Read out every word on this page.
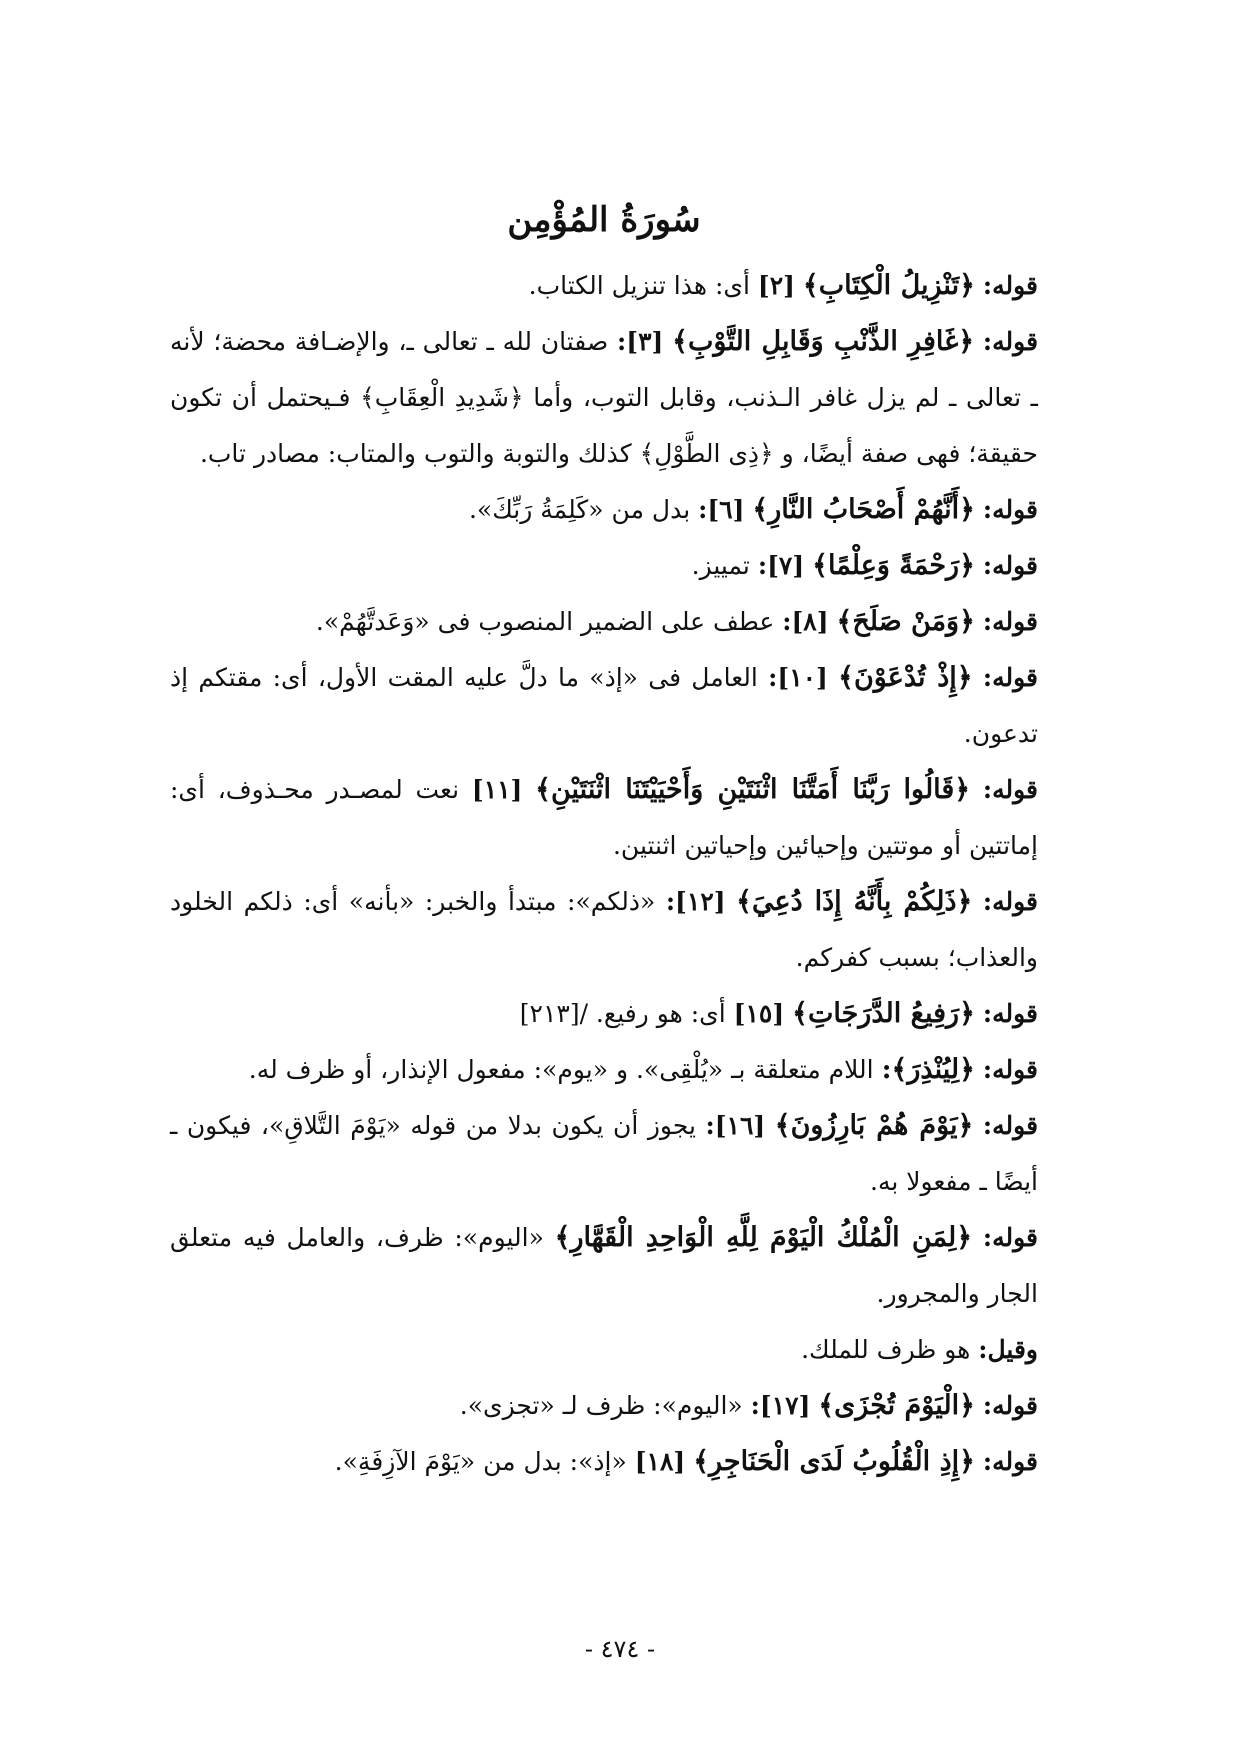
سُورَةُ المُؤْمِن

قوله: ﴿تَنْزِيلُ الْكِتَابِ﴾ [٢] أى: هذا تنزيل الكتاب.

قوله: ﴿غَافِرِ الذَّنْبِ وَقَابِلِ التَّوْبِ﴾ [٣]: صفتان لله ـ تعالى ـ، والإضـافة محضة؛ لأنه ـ تعالى ـ لم يزل غافر الـذنب، وقابل التوب، وأما ﴿شَدِيدِ الْعِقَابِ﴾ فـيحتمل أن تكون حقيقة؛ فهى صفة أيضًا، و ﴿ذِى الطَّوْلِ﴾ كذلك والتوبة والتوب والمتاب: مصادر تاب.

قوله: ﴿أَنَّهُمْ أَصْحَابُ النَّارِ﴾ [٦]: بدل من «كَلِمَةُ رَبِّكَ».

قوله: ﴿رَحْمَةً وَعِلْمًا﴾ [٧]: تمييز.

قوله: ﴿وَمَنْ صَلَحَ﴾ [٨]: عطف على الضمير المنصوب فى «وَعَدتَّهُمْ».

قوله: ﴿إِذْ تُدْعَوْنَ﴾ [١٠]: العامل فى «إذ» ما دلَّ عليه المقت الأول، أى: مقتكم إذ تدعون.

قوله: ﴿قَالُوا رَبَّنَا أَمَتَّنَا اثْنَتَيْنِ وَأَحْيَيْتَنَا اثْنَتَيْنِ﴾ [١١] نعت لمصـدر محـذوف، أى: إماتتين أو موتتين وإحيائين وإحياتين اثنتين.

قوله: ﴿ذَلِكُمْ بِأَنَّهُ إِذَا دُعِيَ﴾ [١٢]: «ذلكم»: مبتدأ والخبر: «بأنه» أى: ذلكم الخلود والعذاب؛ بسبب كفركم.

قوله: ﴿رَفِيعُ الدَّرَجَاتِ﴾ [١٥] أى: هو رفيع. /[٢١٣]

قوله: ﴿لِيُنْذِرَ﴾: اللام متعلقة بـ «يُلْقِى». و «يوم»: مفعول الإنذار، أو ظرف له.

قوله: ﴿يَوْمَ هُمْ بَارِزُونَ﴾ [١٦]: يجوز أن يكون بدلا من قوله «يَوْمَ التَّلاقِ»، فيكون ـ أيضًا ـ مفعولا به.

قوله: ﴿لِمَنِ الْمُلْكُ الْيَوْمَ لِلَّهِ الْوَاحِدِ الْقَهَّارِ﴾ «اليوم»: ظرف، والعامل فيه متعلق الجار والمجرور.

وقيل: هو ظرف للملك.

قوله: ﴿الْيَوْمَ تُجْزَى﴾ [١٧]: «اليوم»: ظرف لـ «تجزى».

قوله: ﴿إِذِ الْقُلُوبُ لَدَى الْحَنَاجِرِ﴾ [١٨] «إذ»: بدل من «يَوْمَ الآزِفَةِ».

- ٤٧٤ -
